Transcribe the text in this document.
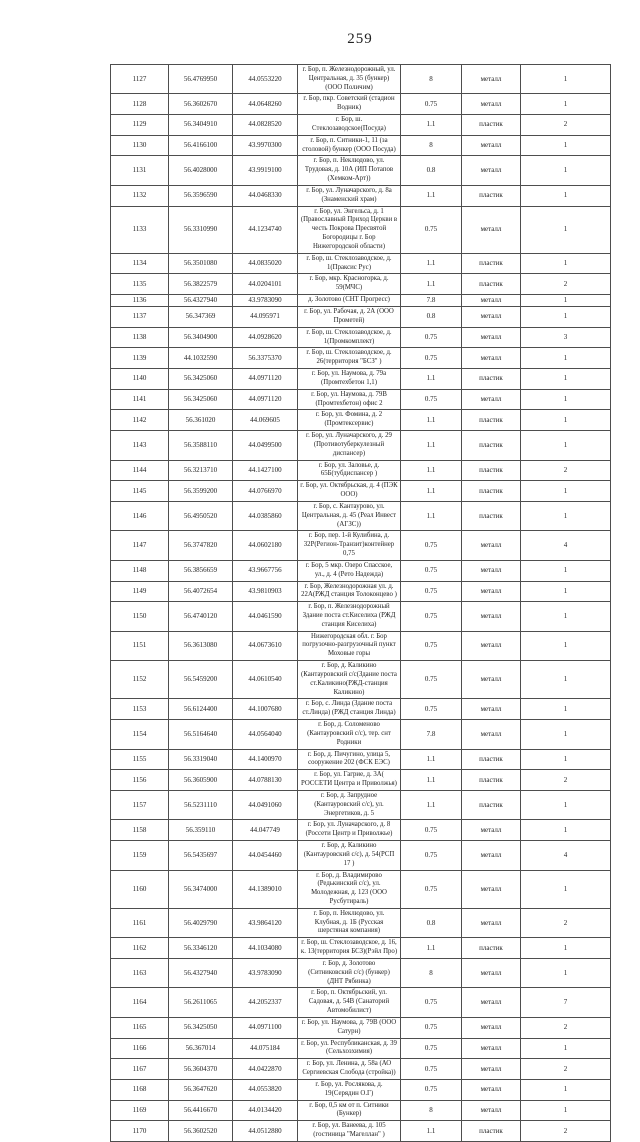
259
1127	56.4769950	44.0553220	г. Бор, п. Железнодорожный, ул. Центральная, д. 35 (бункер) (ООО Поличим)	8	металл	1
1128	56.3602670	44.0648260	г. Бор, пкр. Советский (стадион Водник)	0.75	металл	1
1129	56.3404910	44.0828520	г. Бор, ш. Стеклозаводское(Посуда)	1.1	пластик	2
1130	56.4166100	43.9970300	г. Бор, п. Ситники-1, 11 (за столовой) бункер (ООО Посуда)	8	металл	1
1131	56.4028000	43.9919100	г. Бор, п. Неклюдово, ул. Трудовая, д. 10А (ИП Потапов (Хемком-Арт))	0.8	металл	1
1132	56.3596590	44.0468330	г. Бор, ул. Луначарского, д. 8а (Знаменский храм)	1.1	пластик	1
1133	56.3310990	44.1234740	г. Бор, ул. Энгельса, д. 1 (Православный Приход Церкви в честь Покрова Пресвятой Богородицы г. Бор Нижегородской области)	0.75	металл	1
1134	56.3501080	44.0835020	г. Бор, ш. Стеклозаводское, д. 1(Праксис Рус)	1.1	пластик	1
1135	56.3822579	44.0204101	г. Бор, мкр. Красногорка, д. 59(МЧС)	1.1	пластик	2
1136	56.4327940	43.9783090	д. Золотово (СНТ Прогресс)	7.8	металл	1
1137	56.347369	44.095971	г. Бор, ул. Рабочая, д. 2А (ООО Прометей)	0.8	металл	1
1138	56.3404900	44.0928620	г. Бор, ш. Стеклозаводское, д. 1(Промкомплект)	0.75	металл	3
1139	44.1032590	56.3375370	г. Бор, ш. Стеклозаводское, д. 26(территория "БСЗ" )	0.75	металл	1
1140	56.3425060	44.0971120	г. Бор, ул. Наумова, д. 79а (Промтехбетон 1,1)	1.1	пластик	1
1141	56.3425060	44.0971120	г. Бор, ул. Наумова, д. 79В (Промтехбетон) офис 2	0.75	металл	1
1142	56.361020	44.069605	г. Бор, ул. Фомина, д. 2 (Промтексервис)	1.1	пластик	1
1143	56.3588110	44.0499500	г. Бор, ул. Луначарского, д. 29 (Противотуберкулезный диспансер)	1.1	пластик	1
1144	56.3213710	44.1427100	г. Бор, ул. Заловье, д. 65Б(тубдиспансер )	1.1	пластик	2
1145	56.3599200	44.0766970	г. Бор, ул. Октябрьская, д. 4 (ПЭК ООО)	1.1	пластик	1
1146	56.4950520	44.0385860	г. Бор, с. Кантаурово, ул. Центральная, д. 45 (Реал Инвест (АГЗС))	1.1	пластик	1
1147	56.3747820	44.0602180	г. Бор, пер. 1-й Кулибина, д. 32Р(Регион-Транзит)контейнер 0,75	0.75	металл	4
1148	56.3856659	43.9667756	г. Бор, 5 мкр. Озеро Спасское, ул., д. 4 (Рето Надежда)	0.75	металл	1
1149	56.4072654	43.9810903	г. Бор, Железнодорожная ул. д. 22А(РЖД станция Толоконцево )	0.75	металл	1
1150	56.4740120	44.0461590	г. Бор, п. Железнодорожный Здание поста ст.Киселиха (РЖД станция Киселиха)	0.75	металл	1
1151	56.3613080	44.0673610	Нижегородская обл. г. Бор погрузочно-разгрузочный пункт Моховые горы	0.75	металл	1
1152	56.5459200	44.0610540	г. Бор, д. Каликино (Кантауровский с/с(Здание поста ст.Каликино(РЖД-станция Каликино)	0.75	металл	1
1153	56.6124400	44.1007680	г. Бор, с. Линда (Здание поста ст.Линда) (РЖД станция Линда)	0.75	металл	1
1154	56.5164640	44.0564040	г. Бор, д. Соломеново (Кантауровский с/с), тер. снт Родники	7.8	металл	1
1155	56.3319040	44.1400970	г. Бор, д. Пичугино, улица 5, сооружение 202 (ФСК ЕЭС)	1.1	пластик	1
1156	56.3605900	44.0788130	г. Бор, ул. Гагрие, д. 3А( РОССЕТИ Центра и Приволжья)	1.1	пластик	2
1157	56.5231110	44.0491060	г. Бор, д. Запрудное (Кантауровский с/с), ул. Энергетиков, д. 5	1.1	пластик	1
1158	56.359110	44.047749	г. Бор, ул. Луначарского, д. 8 (Россети Центр и Приволжье)	0.75	металл	1
1159	56.5435697	44.0454460	г. Бор, д. Каликино (Кантауровский с/с), д. 54(РСП 17 )	0.75	металл	4
1160	56.3474000	44.1389010	г. Бор, д. Владимирово (Редькинский с/с), ул. Молодежная, д. 123 (ООО Русбутираль)	0.75	металл	1
1161	56.4029790	43.9864120	г. Бор, п. Неклюдово, ул. Клубная, д. 1Б (Русская шерстяная компания)	0.8	металл	2
1162	56.3346120	44.1034080	г. Бор, ш. Стеклозаводское, д. 16, к. 13(территория БСЗ)(Рэйл Про)	1.1	пластик	1
1163	56.4327940	43.9783090	г. Бор, д. Золотово (Ситниковский с/с) (бункер) (ДНТ Рябинка)	8	металл	1
1164	56.2611065	44.2052337	г. Бор, п. Октябрьский, ул. Садовая, д. 54В (Санаторий Автомобилист)	0.75	металл	7
1165	56.3425050	44.0971100	г. Бор, ул. Наумова, д. 79В (ООО Сатурн)	0.75	металл	2
1166	56.367014	44.075184	г. Бор, ул. Республиканская, д. 39 (Сельхозхимия)	0.75	металл	1
1167	56.3604370	44.0422870	г. Бор, ул. Ленина, д. 58а (АО Сергиевская Слобода (стройка))	0.75	металл	2
1168	56.3647620	44.0553820	г. Бор, ул. Рослякова, д. 19(Серядин О.Г)	0.75	металл	1
1169	56.4416670	44.0134420	г. Бор, 0,5 км от п. Ситники (Бункер)	8	металл	1
1170	56.3602520	44.0512880	г. Бор, ул. Ванеева, д. 105 (гостиница "Магеллан" )	1.1	пластик	2
